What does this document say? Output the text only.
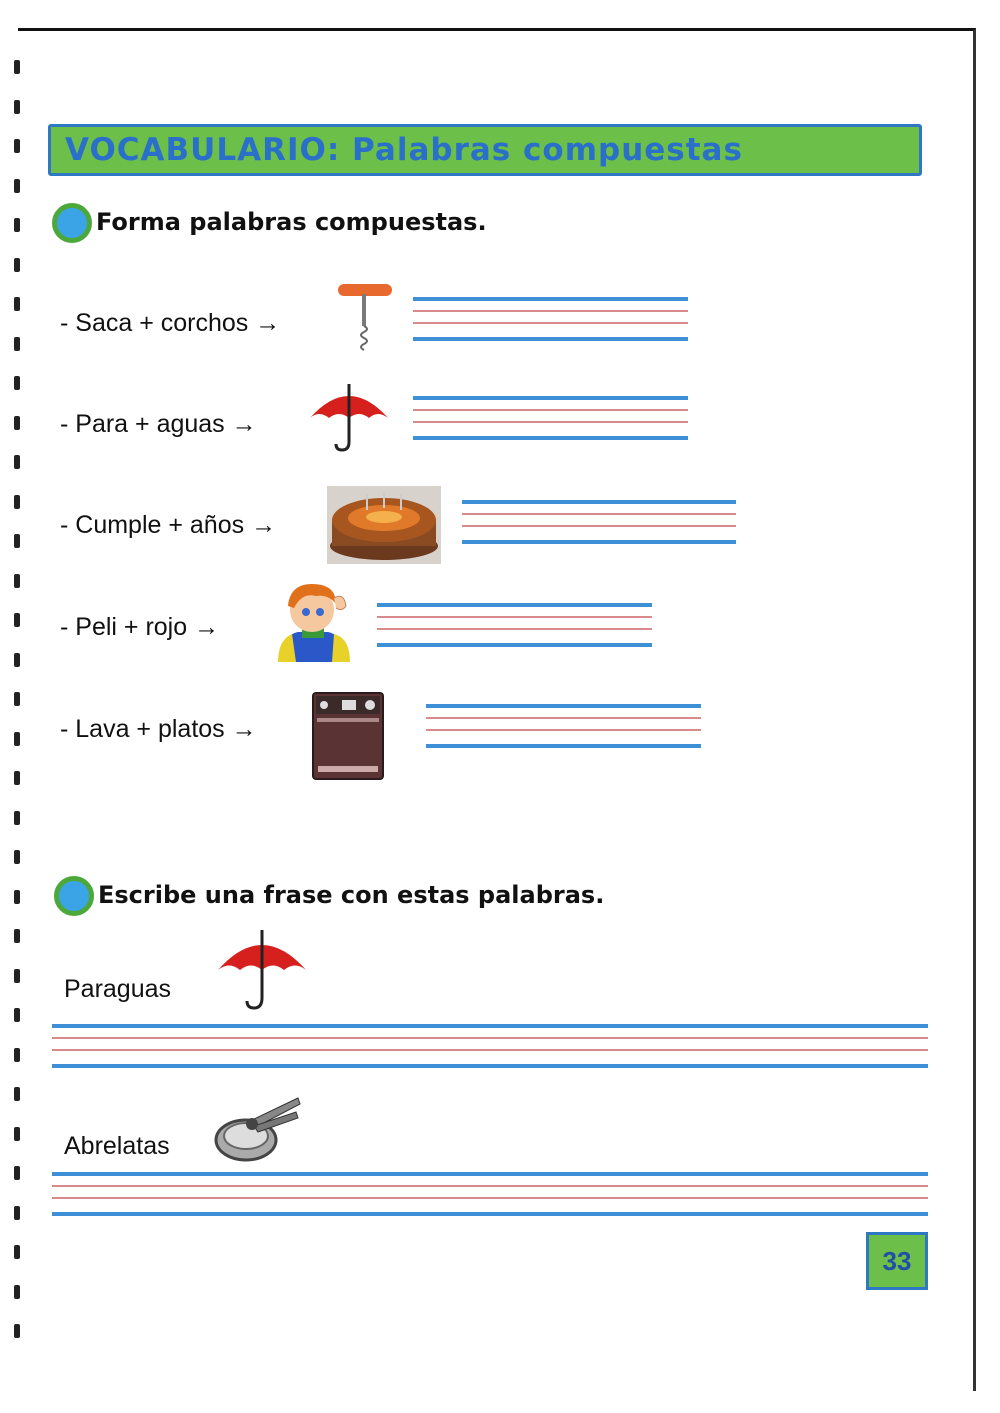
VOCABULARIO: Palabras compuestas
Forma palabras compuestas.
- Saca + corchos →
- Para + aguas →
- Cumple + años →
- Peli + rojo →
- Lava + platos →
Escribe una frase con estas palabras.
Paraguas
Abrelatas
33
